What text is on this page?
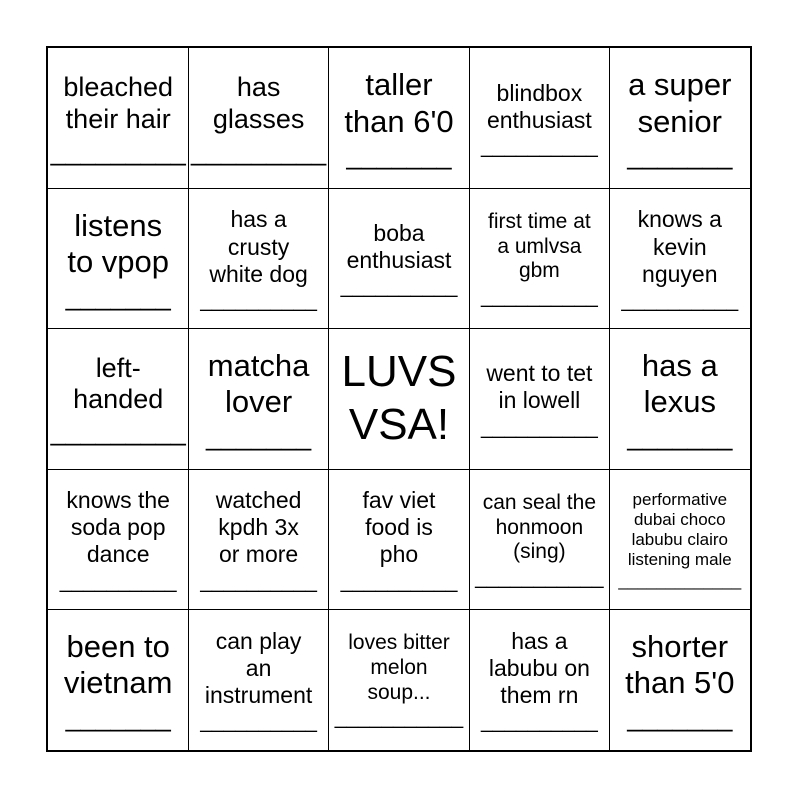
bleached
their hair
_________
has
glasses
_________
taller
than 6'0
_______
blindbox
enthusiast
__________
a super
senior
_______
listens
to vpop
_______
has a
crusty
white dog
__________
boba
enthusiast
__________
first time at
a umlvsa
gbm
__________
knows a
kevin
nguyen
__________
left-
handed
_________
matcha
lover
_______
LUVS
VSA!
went to tet
in lowell
__________
has a
lexus
_______
knows the
soda pop
dance
__________
watched
kpdh 3x
or more
__________
fav viet
food is
pho
__________
can seal the
honmoon
(sing)
___________
performative
dubai choco
labubu clairo
listening male
_____________
been to
vietnam
_______
can play
an
instrument
__________
loves bitter
melon
soup...
___________
has a
labubu on
them rn
__________
shorter
than 5'0
_______
